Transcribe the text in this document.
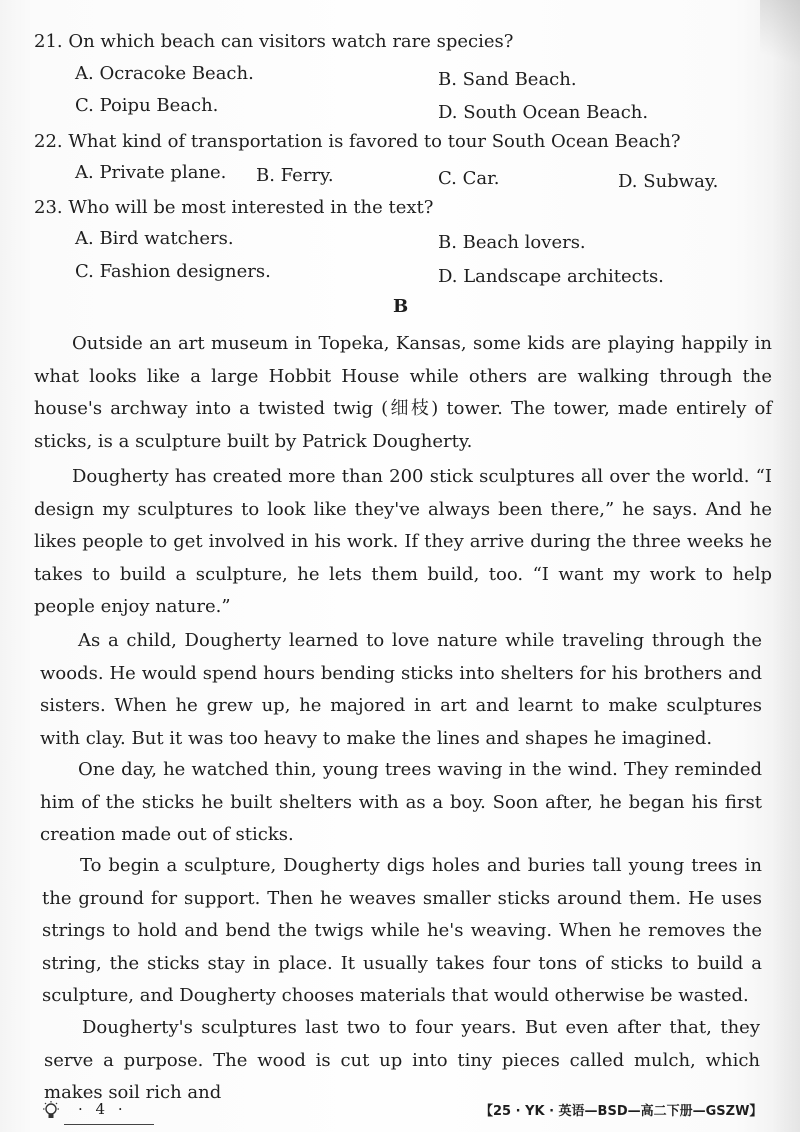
21. On which beach can visitors watch rare species?
A. Ocracoke Beach.	B. Sand Beach.
C. Poipu Beach.	D. South Ocean Beach.
22. What kind of transportation is favored to tour South Ocean Beach?
A. Private plane. B. Ferry.	C. Car.	D. Subway.
23. Who will be most interested in the text?
A. Bird watchers.	B. Beach lovers.
C. Fashion designers.	D. Landscape architects.
B
Outside an art museum in Topeka, Kansas, some kids are playing happily in what looks like a large Hobbit House while others are walking through the house's archway into a twisted twig (细枝) tower. The tower, made entirely of sticks, is a sculpture built by Patrick Dougherty.
Dougherty has created more than 200 stick sculptures all over the world. “I design my sculptures to look like they've always been there,” he says. And he likes people to get involved in his work. If they arrive during the three weeks he takes to build a sculpture, he lets them build, too. “I want my work to help people enjoy nature.”
As a child, Dougherty learned to love nature while traveling through the woods. He would spend hours bending sticks into shelters for his brothers and sisters. When he grew up, he majored in art and learnt to make sculptures with clay. But it was too heavy to make the lines and shapes he imagined.
One day, he watched thin, young trees waving in the wind. They reminded him of the sticks he built shelters with as a boy. Soon after, he began his first creation made out of sticks.
To begin a sculpture, Dougherty digs holes and buries tall young trees in the ground for support. Then he weaves smaller sticks around them. He uses strings to hold and bend the twigs while he's weaving. When he removes the string, the sticks stay in place. It usually takes four tons of sticks to build a sculpture, and Dougherty chooses materials that would otherwise be wasted.
Dougherty's sculptures last two to four years. But even after that, they serve a purpose. The wood is cut up into tiny pieces called mulch, which makes soil rich and
· 4 ·	【25 · YK · 英语—BSD—高二下册—GSZW】
